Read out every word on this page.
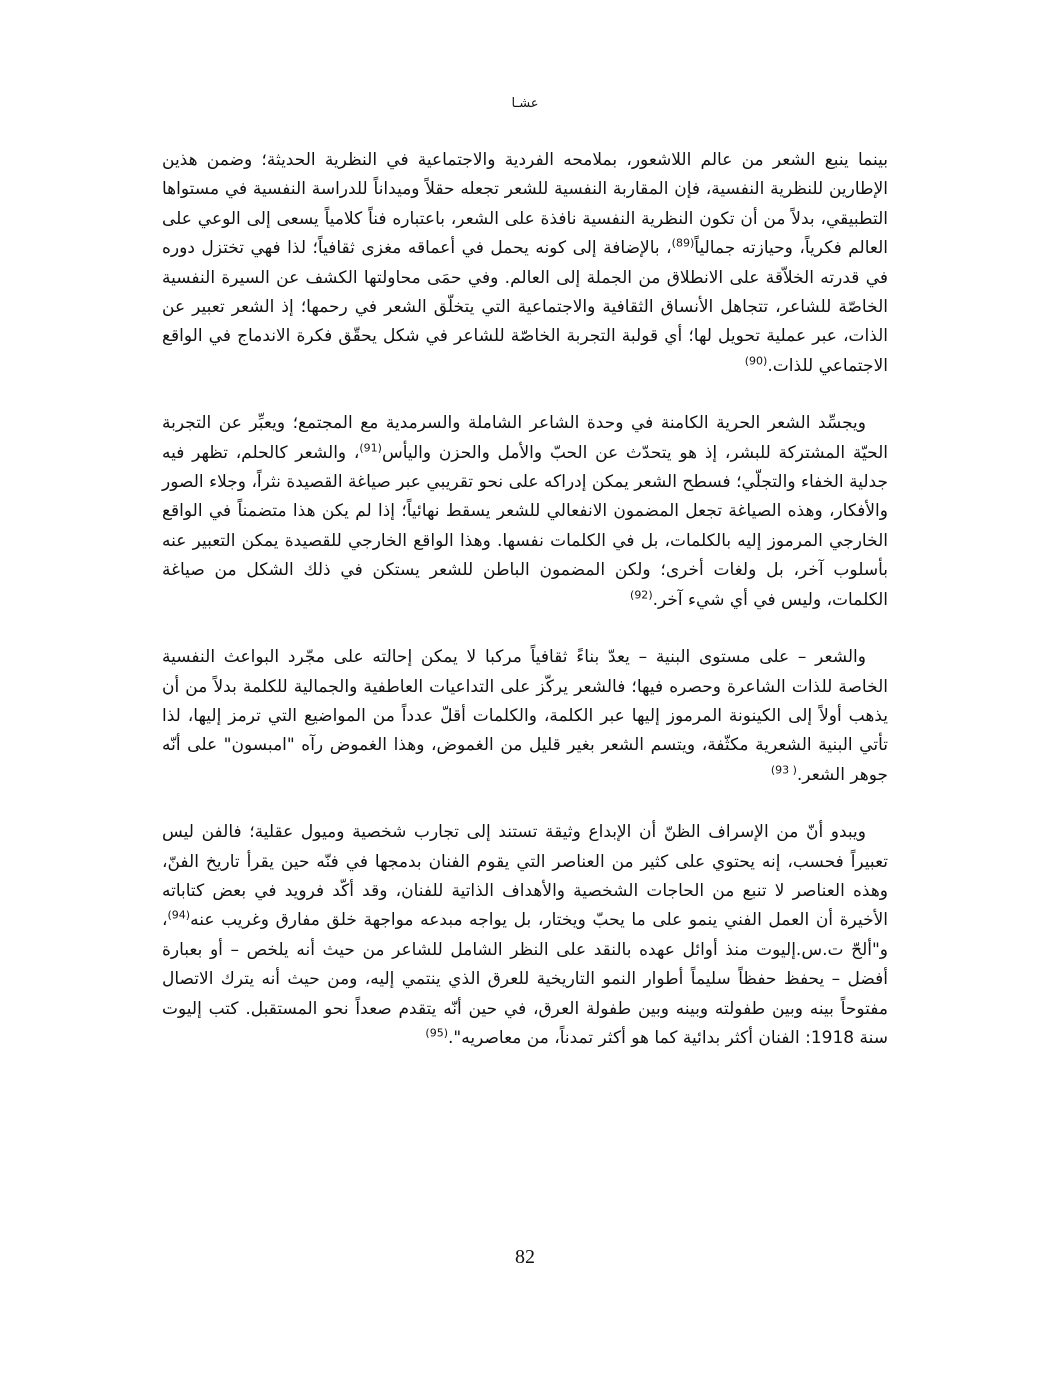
عشـا

بينما ينبع الشعر من عالم اللاشعور، بملامحه الفردية والاجتماعية في النظرية الحديثة؛ وضمن هذين الإطارين للنظرية النفسية، فإن المقاربة النفسية للشعر تجعله حقلاً وميداناً للدراسة النفسية في مستواها التطبيقي، بدلاً من أن تكون النظرية النفسية نافذة على الشعر، باعتباره فناً كلامياً يسعى إلى الوعي على العالم فكرياً، وحيازته جمالياً$^{(89)}$، بالإضافة إلى كونه يحمل في أعماقه مغزى ثقافياً؛ لذا فهي تختزل دوره في قدرته الخلاّقة على الانطلاق من الجملة إلى العالم. وفي حمَى محاولتها الكشف عن السيرة النفسية الخاصّة للشاعر، تتجاهل الأنساق الثقافية والاجتماعية التي يتخلّق الشعر في رحمها؛ إذ الشعر تعبير عن الذات، عبر عملية تحويل لها؛ أي قولبة التجربة الخاصّة للشاعر في شكل يحقّق فكرة الاندماج في الواقع الاجتماعي للذات.$^{(90)}$

ويجسِّد الشعر الحرية الكامنة في وحدة الشاعر الشاملة والسرمدية مع المجتمع؛ ويعبِّر عن التجربة الحيّة المشتركة للبشر، إذ هو يتحدّث عن الحبّ والأمل والحزن واليأس$^{(91)}$، والشعر كالحلم، تظهر فيه جدلية الخفاء والتجلّي؛ فسطح الشعر يمكن إدراكه على نحو تقريبي عبر صياغة القصيدة نثراً، وجلاء الصور والأفكار، وهذه الصياغة تجعل المضمون الانفعالي للشعر يسقط نهائياً؛ إذا لم يكن هذا متضمناً في الواقع الخارجي المرموز إليه بالكلمات، بل في الكلمات نفسها. وهذا الواقع الخارجي للقصيدة يمكن التعبير عنه بأسلوب آخر، بل ولغات أخرى؛ ولكن المضمون الباطن للشعر يستكن في ذلك الشكل من صياغة الكلمات، وليس في أي شيء آخر.$^{(92)}$

والشعر – على مستوى البنية – يعدّ بناءً ثقافياً مركبا لا يمكن إحالته على مجّرد البواعث النفسية الخاصة للذات الشاعرة وحصره فيها؛ فالشعر يركّز على التداعيات العاطفية والجمالية للكلمة بدلاً من أن يذهب أولاً إلى الكينونة المرموز إليها عبر الكلمة، والكلمات أقلّ عدداً من المواضيع التي ترمز إليها، لذا تأتي البنية الشعرية مكثّفة، ويتسم الشعر بغير قليل من الغموض، وهذا الغموض رآه "امبسون" على أنّه جوهر الشعر.$^{( 93)}$

ويبدو أنّ من الإسراف الظنّ أن الإبداع وثيقة تستند إلى تجارب شخصية وميول عقلية؛ فالفن ليس تعبيراً فحسب، إنه يحتوي على كثير من العناصر التي يقوم الفنان بدمجها في فنّه حين يقرأ تاريخ الفنّ، وهذه العناصر لا تنبع من الحاجات الشخصية والأهداف الذاتية للفنان، وقد أكّد فرويد في بعض كتاباته الأخيرة أن العمل الفني ينمو على ما يحبّ ويختار، بل يواجه مبدعه مواجهة خلق مفارق وغريب عنه$^{(94)}$، و"ألحّ ت.س.إليوت منذ أوائل عهده بالنقد على النظر الشامل للشاعر من حيث أنه يلخص – أو بعبارة أفضل – يحفظ حفظاً سليماً أطوار النمو التاريخية للعرق الذي ينتمي إليه، ومن حيث أنه يترك الاتصال مفتوحاً بينه وبين طفولته وبينه وبين طفولة العرق، في حين أنّه يتقدم صعداً نحو المستقبل. كتب إليوت سنة 1918: الفنان أكثر بدائية كما هو أكثر تمدناً، من معاصريه".$^{(95)}$

82
